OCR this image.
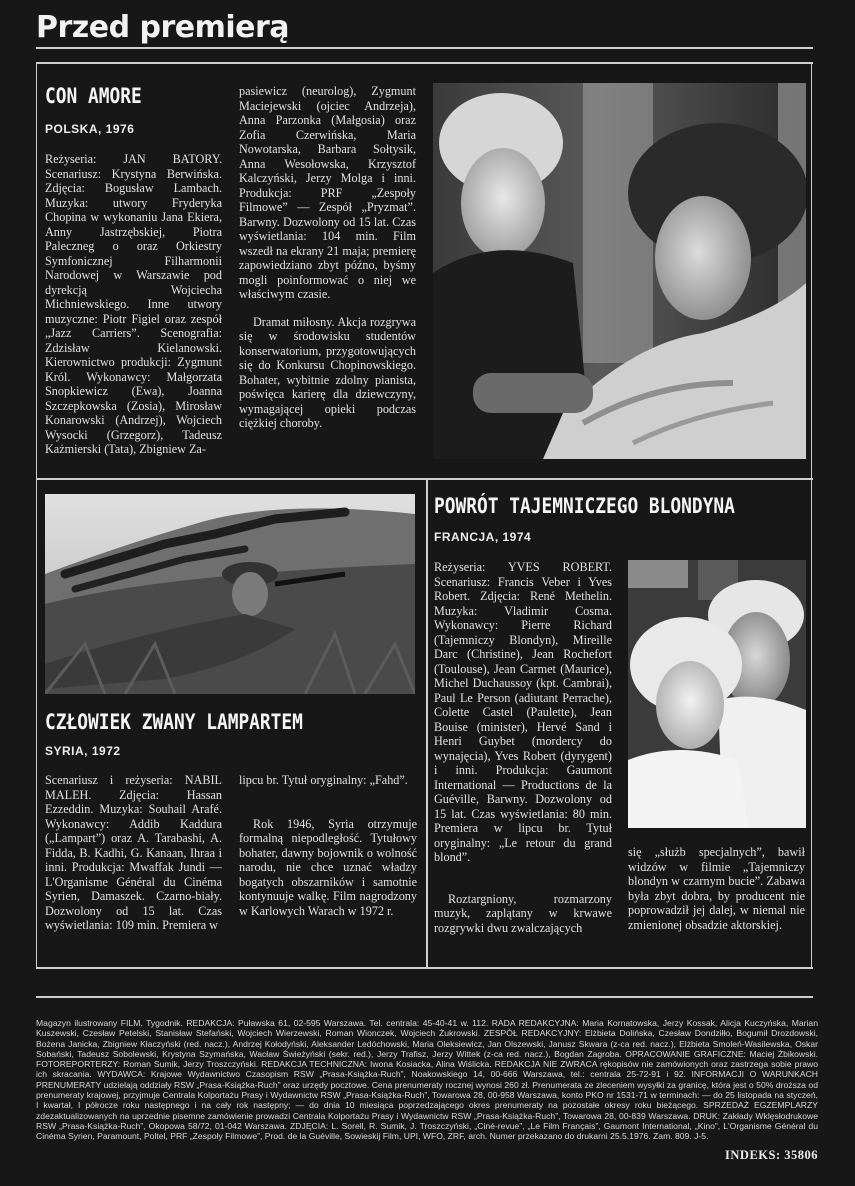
Przed premierą
CON AMORE
POLSKA, 1976
Reżyseria: JAN BATORY. Scenariusz: Krystyna Berwińska. Zdjęcia: Bogusław Lambach. Muzyka: utwory Fryderyka Chopina w wykonaniu Jana Ekiera, Anny Jastrzębskiej, Piotra Paleczneg o oraz Orkiestry Symfonicznej Filharmonii Narodowej w Warszawie pod dyrekcją Wojciecha Michniewskiego. Inne utwory muzyczne: Piotr Figiel oraz zespół „Jazz Carriers”. Scenografia: Zdzisław Kielanowski. Kierownictwo produkcji: Zygmunt Król. Wykonawcy: Małgorzata Snopkiewicz (Ewa), Joanna Szczepkowska (Zosia), Mirosław Konarowski (Andrzej), Wojciech Wysocki (Grzegorz), Tadeusz Każmierski (Tata), Zbigniew Za-

pasiewicz (neurolog), Zygmunt Maciejewski (ojciec Andrzeja), Anna Parzonka (Małgosia) oraz Zofia Czerwińska, Maria Nowotarska, Barbara Sołtysik, Anna Wesołowska, Krzysztof Kalczyński, Jerzy Molga i inni. Produkcja: PRF „Zespoły Filmowe” — Zespół „Pryzmat”. Barwny. Dozwolony od 15 lat. Czas wyświetlania: 104 min. Film wszedł na ekrany 21 maja; premierę zapowiedziano zbyt późno, byśmy mogli poinformować o niej we właściwym czasie.

Dramat miłosny. Akcja rozgrywa się w środowisku studentów konserwatorium, przygotowujących się do Konkursu Chopinowskiego. Bohater, wybitnie zdolny pianista, poświęca karierę dla dziewczyny, wymagającej opieki podczas ciężkiej choroby.

CZŁOWIEK ZWANY LAMPARTEM
SYRIA, 1972
Scenariusz i reżyseria: NABIL MALEH. Zdjęcia: Hassan Ezzeddin. Muzyka: Souhail Arafé. Wykonawcy: Addib Kaddura („Lampart”) oraz A. Tarabashi, A. Fidda, B. Kadhi, G. Kanaan, Ihraa i inni. Produkcja: Mwaffak Jundi — L'Organisme Général du Cinéma Syrien, Damaszek. Czarno-biały. Dozwolony od 15 lat. Czas wyświetlania: 109 min. Premiera w

lipcu br. Tytuł oryginalny: „Fahd”.

Rok 1946, Syria otrzymuje formalną niepodległość. Tytułowy bohater, dawny bojownik o wolność narodu, nie chce uznać władzy bogatych obszarników i samotnie kontynuuje walkę. Film nagrodzony w Karlowych Warach w 1972 r.

POWRÓT TAJEMNICZEGO BLONDYNA
FRANCJA, 1974

Reżyseria: YVES ROBERT. Scenariusz: Francis Veber i Yves Robert. Zdjęcia: René Methelin. Muzyka: Vladimir Cosma. Wykonawcy: Pierre Richard (Tajemniczy Blondyn), Mireille Darc (Christine), Jean Rochefort (Toulouse), Jean Carmet (Maurice), Michel Duchaussoy (kpt. Cambrai), Paul Le Person (adiutant Perrache), Colette Castel (Paulette), Jean Bouise (minister), Hervé Sand i Henri Guybet (mordercy do wynajęcia), Yves Robert (dyrygent) i inni. Produkcja: Gaumont International — Productions de la Guéville, Barwny. Dozwolony od 15 lat. Czas wyświetlania: 80 min. Premiera w lipcu br. Tytuł oryginalny: „Le retour du grand blond”.

Roztargniony, rozmarzony muzyk, zaplątany w krwawe rozgrywki dwu zwalczających

się „służb specjalnych”, bawił widzów w filmie „Tajemniczy blondyn w czarnym bucie”. Zabawa była zbyt dobra, by producent nie poprowadził jej dalej, w niemal nie zmienionej obsadzie aktorskiej.

Magazyn ilustrowany FILM. Tygodnik. REDAKCJA: Puławska 61, 02-595 Warszawa. Tel. centrala: 45-40-41 w. 112. RADA REDAKCYJNA: Maria Kornatowska, Jerzy Kossak, Alicja Kuczyńska, Marian Kuszewski, Czesław Petelski, Stanisław Stefański, Wojciech Wierzewski, Roman Wionczek, Wojciech Żukrowski. ZESPÓŁ REDAKCYJNY: Elżbieta Dolińska, Czesław Dondziłło, Bogumił Drozdowski, Bożena Janicka, Zbigniew Kłaczyński (red. nacz.), Andrzej Kołodyński, Aleksander Ledóchowski, Maria Oleksiewicz, Jan Olszewski, Janusz Skwara (z-ca red. nacz.), Elżbieta Smoleń-Wasilewska, Oskar Sobański, Tadeusz Sobolewski, Krystyna Szymańska, Wacław Świeżyński (sekr. red.), Jerzy Trafisz, Jerzy Wittek (z-ca red. nacz.), Bogdan Zagroba. OPRACOWANIE GRAFICZNE: Maciej Żbikowski. FOTOREPORTERZY: Roman Sumik, Jerzy Troszczyński. REDAKCJA TECHNICZNA: Iwona Kosiacka, Alina Wiślicka. REDAKCJA NIE ZWRACA rękopisów nie zamówionych oraz zastrzega sobie prawo ich skracania. WYDAWCA: Krajowe Wydawnictwo Czasopism RSW „Prasa-Książka-Ruch”, Noakowskiego 14, 00-666 Warszawa, tel.: centrala 25-72-91 i 92. INFORMACJI O WARUNKACH PRENUMERATY udzielają oddziały RSW „Prasa-Książka-Ruch” oraz urzędy pocztowe. Cena prenumeraty rocznej wynosi 260 zł. Prenumerata ze zleceniem wysyłki za granicę, która jest o 50% droższa od prenumeraty krajowej, przyjmuje Centrala Kolportażu Prasy i Wydawnictw RSW „Prasa-Książka-Ruch”, Towarowa 28, 00-958 Warszawa, konto PKO nr 1531-71 w terminach: — do 25 listopada na styczeń, I kwartał, I półrocze roku następnego i na cały rok następny; — do dnia 10 miesiąca poprzedzającego okres prenumeraty na pozostałe okresy roku bieżącego. SPRZEDAŻ EGZEMPLARZY zdezaktualizowanych na uprzednie pisemne zamówienie prowadzi Centrala Kolportażu Prasy i Wydawnictw RSW „Prasa-Książka-Ruch”, Towarowa 28, 00-839 Warszawa. DRUK: Zakłady Wklęsłodrukowe RSW „Prasa-Książka-Ruch”, Okopowa 58/72, 01-042 Warszawa. ZDJĘCIA: L. Sorell, R. Sumik, J. Troszczyński, „Ciné-revue”, „Le Film Français”, Gaumont International, „Kino”, L'Organisme Général du Cinéma Syrien, Paramount, Poltel, PRF „Zespoły Filmowe”, Prod. de la Guéville, Sowieskij Film, UPI, WFO, ZRF, arch. Numer przekazano do drukarni 25.5.1976. Zam. 809. J-5.

INDEKS: 35806
